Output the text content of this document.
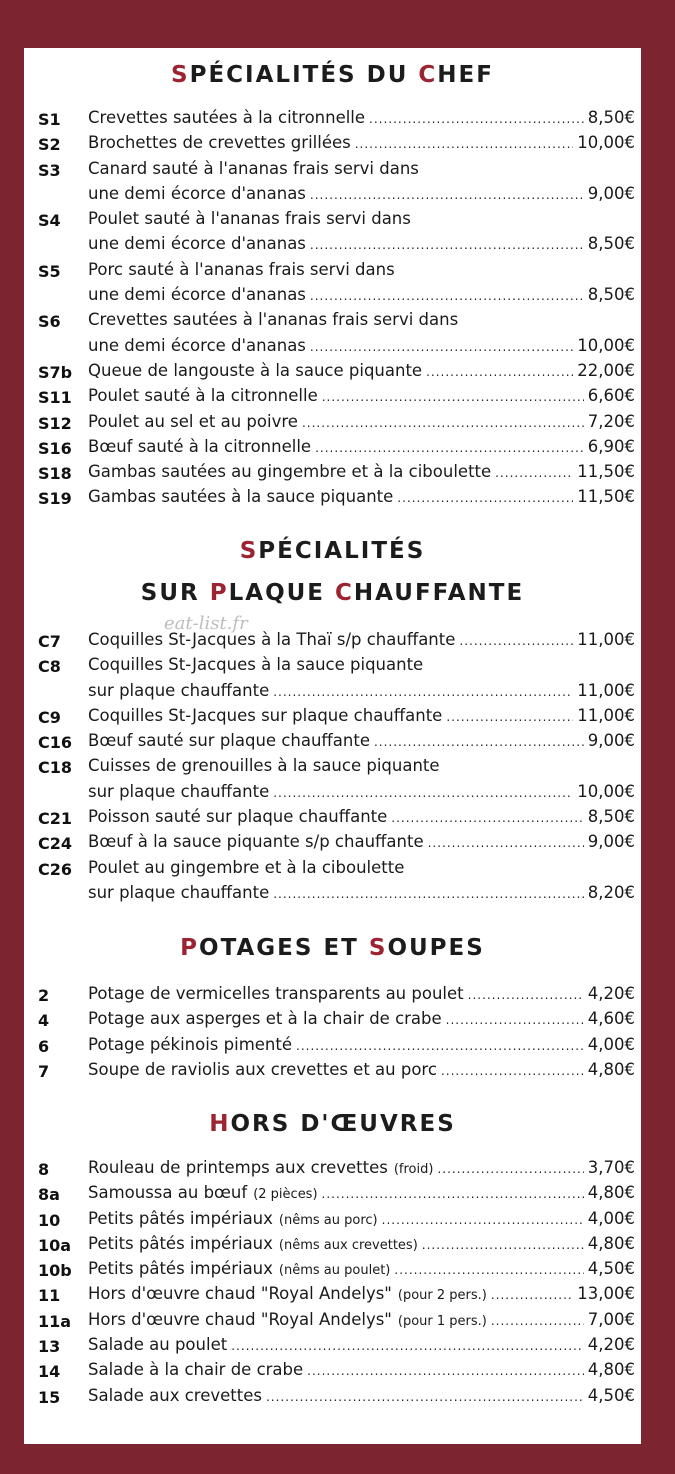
SPÉCIALITÉS DU CHEF
S1 Crevettes sautées à la citronnelle .....	8,50€
S2 Brochettes de crevettes grillées .....	10,00€
S3 Canard sauté à l'ananas frais servi dans
une demi écorce d'ananas .....	9,00€
S4 Poulet sauté à l'ananas frais servi dans
une demi écorce d'ananas .....	8,50€
S5 Porc sauté à l'ananas frais servi dans
une demi écorce d'ananas .....	8,50€
S6 Crevettes sautées à l'ananas frais servi dans
une demi écorce d'ananas .....	10,00€
S7b Queue de langouste à la sauce piquante .....	22,00€
S11 Poulet sauté à la citronnelle .....	6,60€
S12 Poulet au sel et au poivre .....	7,20€
S16 Bœuf sauté à la citronnelle .....	6,90€
S18 Gambas sautées au gingembre et à la ciboulette .....	11,50€
S19 Gambas sautées à la sauce piquante .....	11,50€
SPÉCIALITÉS
SUR PLAQUE CHAUFFANTE
eat-list.fr
C7 Coquilles St-Jacques à la Thaï s/p chauffante .....	11,00€
C8 Coquilles St-Jacques à la sauce piquante
sur plaque chauffante .....	11,00€
C9 Coquilles St-Jacques sur plaque chauffante .....	11,00€
C16 Bœuf sauté sur plaque chauffante .....	9,00€
C18 Cuisses de grenouilles à la sauce piquante
sur plaque chauffante .....	10,00€
C21 Poisson sauté sur plaque chauffante .....	8,50€
C24 Bœuf à la sauce piquante s/p chauffante .....	9,00€
C26 Poulet au gingembre et à la ciboulette
sur plaque chauffante .....	8,20€
POTAGES ET SOUPES
2 Potage de vermicelles transparents au poulet .....	4,20€
4 Potage aux asperges et à la chair de crabe .....	4,60€
6 Potage pékinois pimenté .....	4,00€
7 Soupe de raviolis aux crevettes et au porc .....	4,80€
HORS D'ŒUVRES
8 Rouleau de printemps aux crevettes (froid) .....	3,70€
8a Samoussa au bœuf (2 pièces) .....	4,80€
10 Petits pâtés impériaux (nêms au porc) .....	4,00€
10a Petits pâtés impériaux (nêms aux crevettes) .....	4,80€
10b Petits pâtés impériaux (nêms au poulet) .....	4,50€
11 Hors d'œuvre chaud "Royal Andelys" (pour 2 pers.) .....	13,00€
11a Hors d'œuvre chaud "Royal Andelys" (pour 1 pers.) .....	7,00€
13 Salade au poulet .....	4,20€
14 Salade à la chair de crabe .....	4,80€
15 Salade aux crevettes .....	4,50€
